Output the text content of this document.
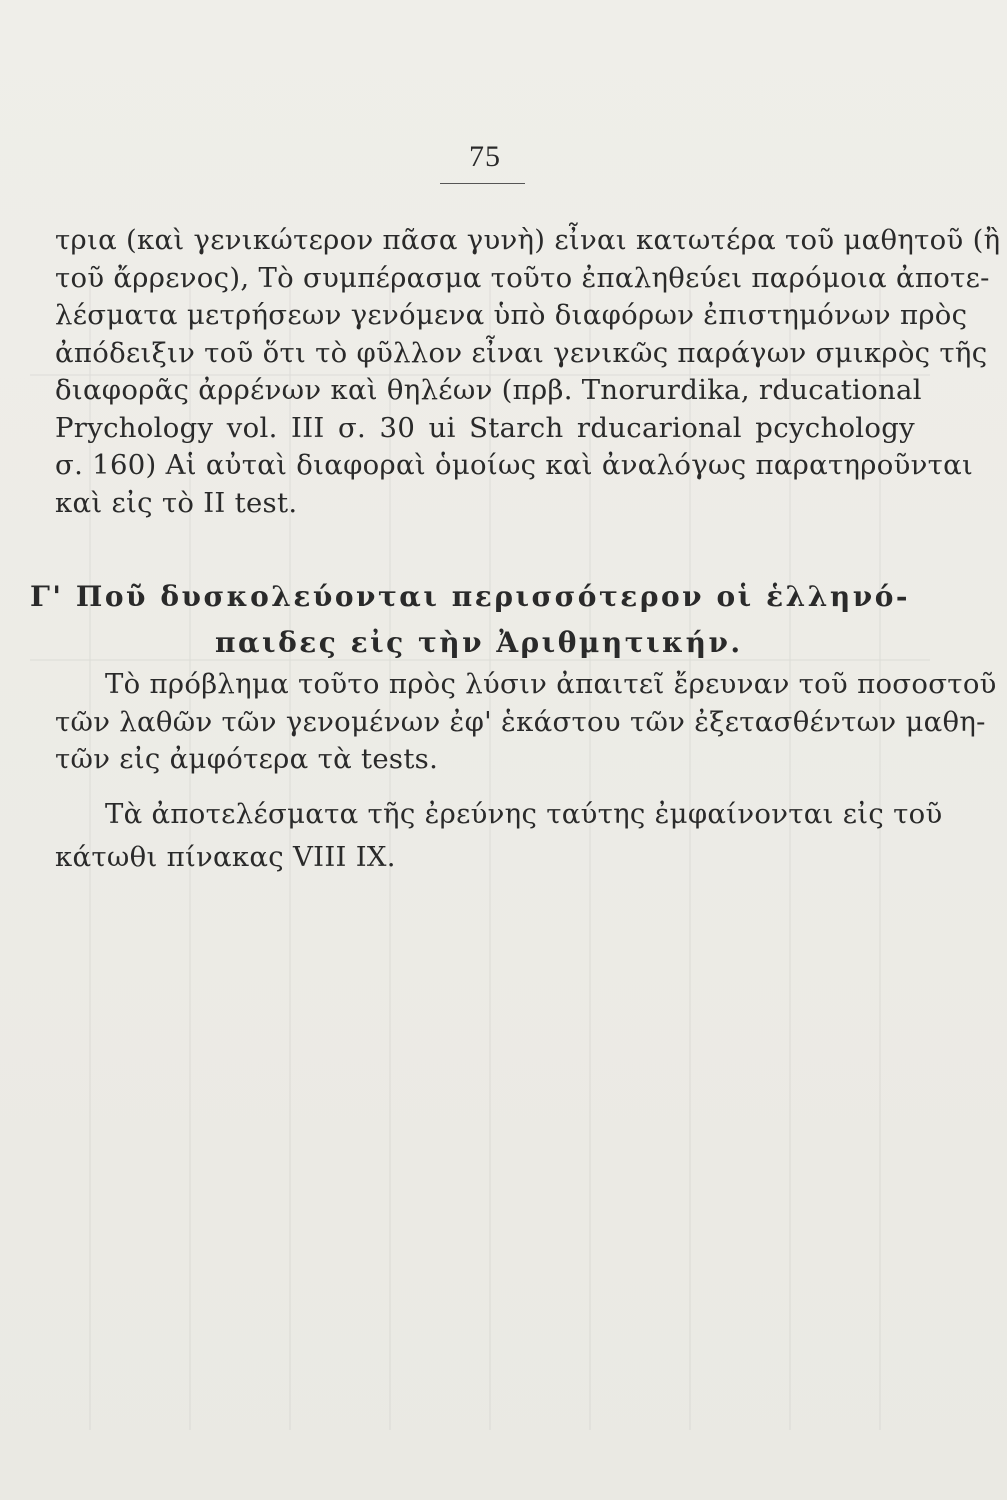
75
τρια (καὶ γενικώτερον πᾶσα γυνὴ) εἶναι κατωτέρα τοῦ μαθητοῦ (ἢ
τοῦ ἄρρενος), Τὸ συμπέρασμα τοῦτο ἐπαληθεύει παρόμοια ἀποτε-
λέσματα μετρήσεων γενόμενα ὑπὸ διαφόρων ἐπιστημόνων πρὸς
ἀπόδειξιν τοῦ ὅτι τὸ φῦλλον εἶναι γενικῶς παράγων σμικρὸς τῆς
διαφορᾶς ἀρρένων καὶ θηλέων (πρβ. Tnorurdika, rducational
Prychology vol. III σ. 30 ui Starch rducarional pcychology
σ. 160) Αἱ αὐταὶ διαφοραὶ ὁμοίως καὶ ἀναλόγως παρατηροῦνται
καὶ εἰς τὸ II test.
Γ' Ποῦ δυσκολεύονται περισσότερον οἱ ἑλληνό-
παιδες εἰς τὴν Ἀριθμητικήν.
Τὸ πρόβλημα τοῦτο πρὸς λύσιν ἀπαιτεῖ ἔρευναν τοῦ ποσοστοῦ
τῶν λαθῶν τῶν γενομένων ἐφ' ἑκάστου τῶν ἐξετασθέντων μαθη-
τῶν εἰς ἀμφότερα τὰ tests.
Τὰ ἀποτελέσματα τῆς ἐρεύνης ταύτης ἐμφαίνονται εἰς τοῦ
κάτωθι πίνακας VIII IX.
